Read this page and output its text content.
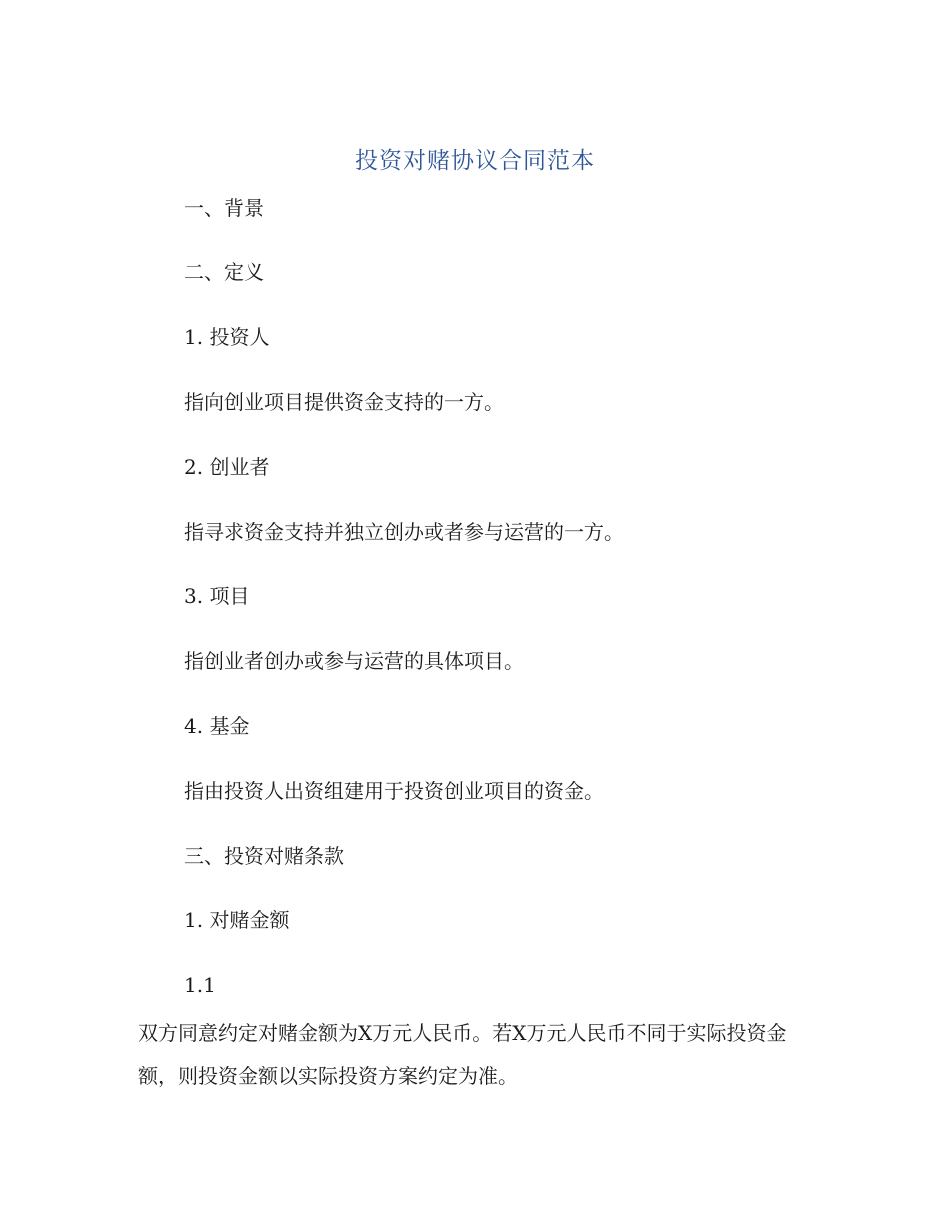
投资对赌协议合同范本
一、背景
二、定义
1. 投资人
指向创业项目提供资金支持的一方。
2. 创业者
指寻求资金支持并独立创办或者参与运营的一方。
3. 项目
指创业者创办或参与运营的具体项目。
4. 基金
指由投资人出资组建用于投资创业项目的资金。
三、投资对赌条款
1. 对赌金额
1.1
双方同意约定对赌金额为X万元人民币。若X万元人民币不同于实际投资金额，则投资金额以实际投资方案约定为准。
